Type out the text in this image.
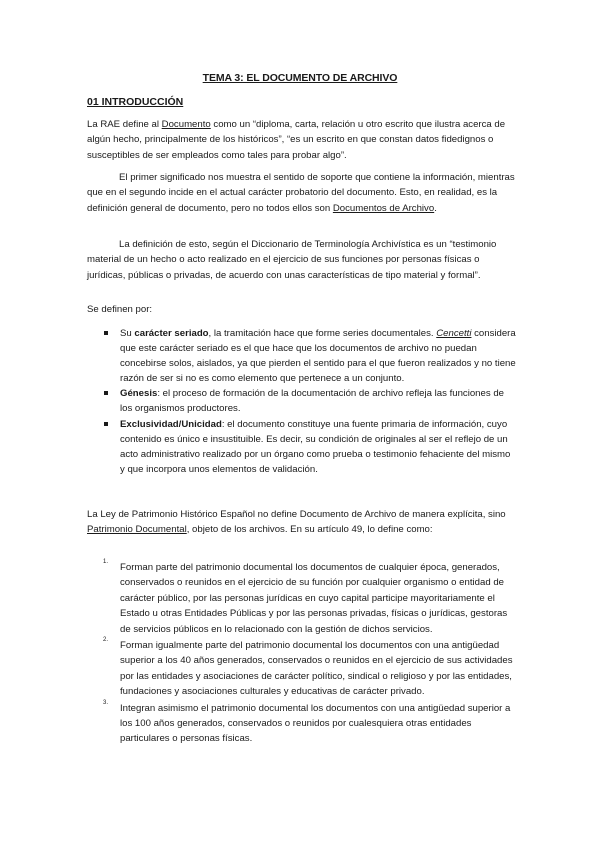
TEMA 3: EL DOCUMENTO DE ARCHIVO
01 INTRODUCCIÓN

La RAE define al Documento como un “diploma, carta, relación u otro escrito que ilustra acerca de algún hecho, principalmente de los históricos”, “es un escrito en que constan datos fidedignos o susceptibles de ser empleados como tales para probar algo”.

El primer significado nos muestra el sentido de soporte que contiene la información, mientras que en el segundo incide en el actual carácter probatorio del documento. Esto, en realidad, es la definición general de documento, pero no todos ellos son Documentos de Archivo.

La definición de esto, según el Diccionario de Terminología Archivística es un “testimonio material de un hecho o acto realizado en el ejercicio de sus funciones por personas físicas o jurídicas, públicas o privadas, de acuerdo con unas características de tipo material y formal”.

Se definen por:

Su carácter seriado, la tramitación hace que forme series documentales. Cencetti considera que este carácter seriado es el que hace que los documentos de archivo no puedan concebirse solos, aislados, ya que pierden el sentido para el que fueron realizados y no tiene razón de ser si no es como elemento que pertenece a un conjunto.
Génesis: el proceso de formación de la documentación de archivo refleja las funciones de los organismos productores.
Exclusividad/Unicidad: el documento constituye una fuente primaria de información, cuyo contenido es único e insustituible. Es decir, su condición de originales al ser el reflejo de un acto administrativo realizado por un órgano como prueba o testimonio fehaciente del mismo y que incorpora unos elementos de validación.

La Ley de Patrimonio Histórico Español no define Documento de Archivo de manera explícita, sino Patrimonio Documental, objeto de los archivos. En su artículo 49, lo define como:

1. Forman parte del patrimonio documental los documentos de cualquier época, generados, conservados o reunidos en el ejercicio de su función por cualquier organismo o entidad de carácter público, por las personas jurídicas en cuyo capital participe mayoritariamente el Estado u otras Entidades Públicas y por las personas privadas, físicas o jurídicas, gestoras de servicios públicos en lo relacionado con la gestión de dichos servicios.
2. Forman igualmente parte del patrimonio documental los documentos con una antigüedad superior a los 40 años generados, conservados o reunidos en el ejercicio de sus actividades por las entidades y asociaciones de carácter político, sindical o religioso y por las entidades, fundaciones y asociaciones culturales y educativas de carácter privado.
3. Integran asimismo el patrimonio documental los documentos con una antigüedad superior a los 100 años generados, conservados o reunidos por cualesquiera otras entidades particulares o personas físicas.
